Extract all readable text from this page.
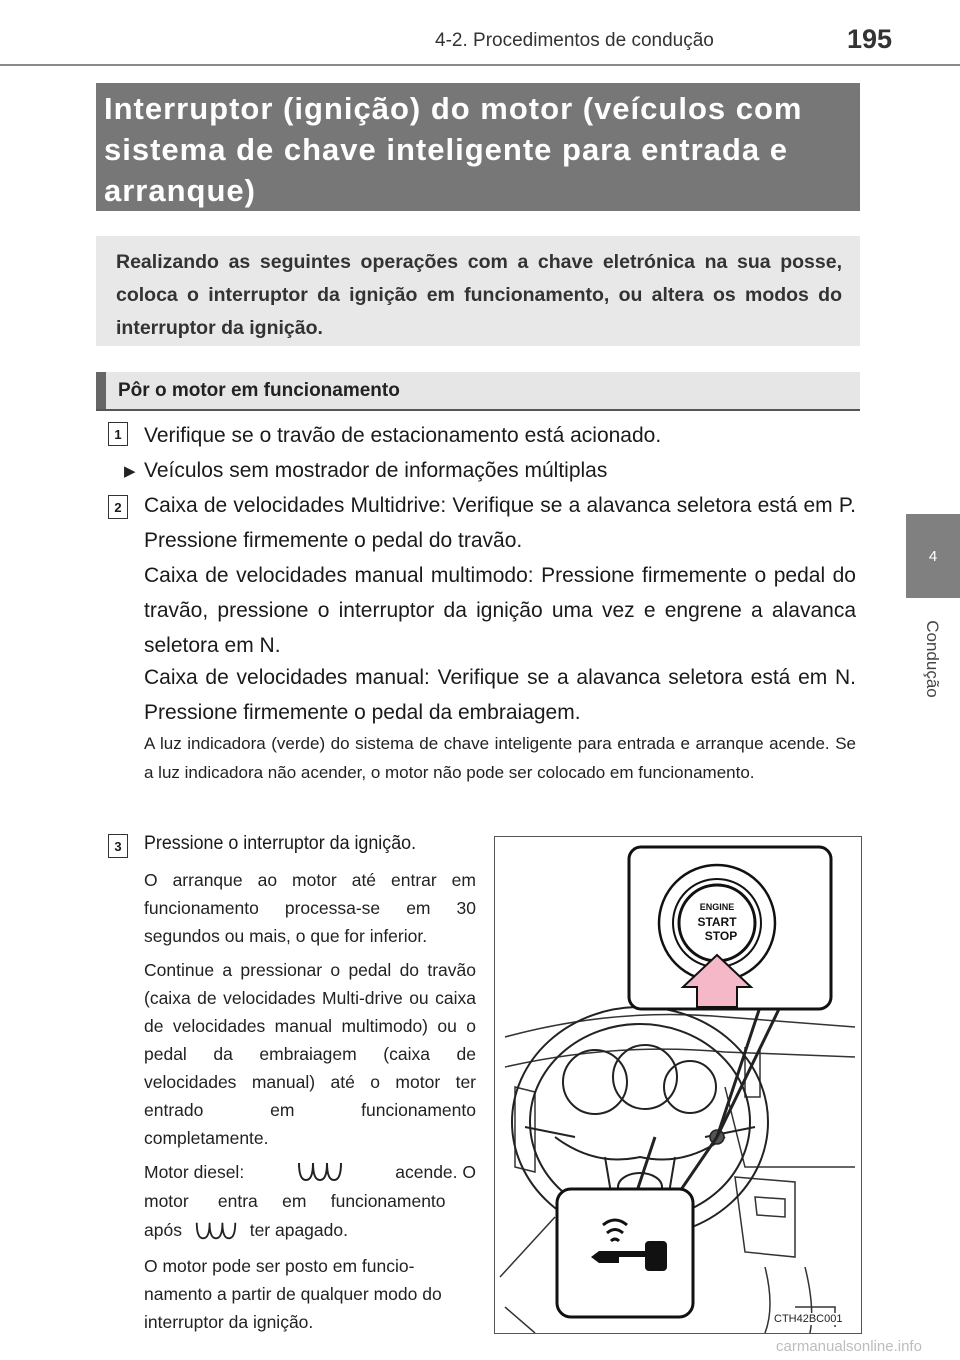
4-2. Procedimentos de condução	195
4
Condução
Interruptor (ignição) do motor (veículos com sistema de chave inteligente para entrada e arranque)
Realizando as seguintes operações com a chave eletrónica na sua posse, coloca o interruptor da ignição em funcionamento, ou altera os modos do interruptor da ignição.
Pôr o motor em funcionamento
1	Verifique se o travão de estacionamento está acionado.
▶ Veículos sem mostrador de informações múltiplas
2	Caixa de velocidades Multidrive: Verifique se a alavanca seletora está em P. Pressione firmemente o pedal do travão.
Caixa de velocidades manual multimodo: Pressione firmemente o pedal do travão, pressione o interruptor da ignição uma vez e engrene a alavanca seletora em N.
Caixa de velocidades manual: Verifique se a alavanca seletora está em N. Pressione firmemente o pedal da embraiagem.
A luz indicadora (verde) do sistema de chave inteligente para entrada e arranque acende. Se a luz indicadora não acender, o motor não pode ser colocado em funcionamento.
3	Pressione o interruptor da ignição.
O arranque ao motor até entrar em funcionamento processa-se em 30 segundos ou mais, o que for inferior.
Continue a pressionar o pedal do travão (caixa de velocidades Multi-drive ou caixa de velocidades manual multimodo) ou o pedal da embraiagem (caixa de velocidades manual) até o motor ter entrado em funcionamento completamente.
Motor diesel:	acende. O
motor      entra     em     funcionamento
após	ter apagado.
O motor pode ser posto em funcio-namento a partir de qualquer modo do interruptor da ignição.
ENGINE
START
STOP
CTH42BC001
carmanualsonline.info
